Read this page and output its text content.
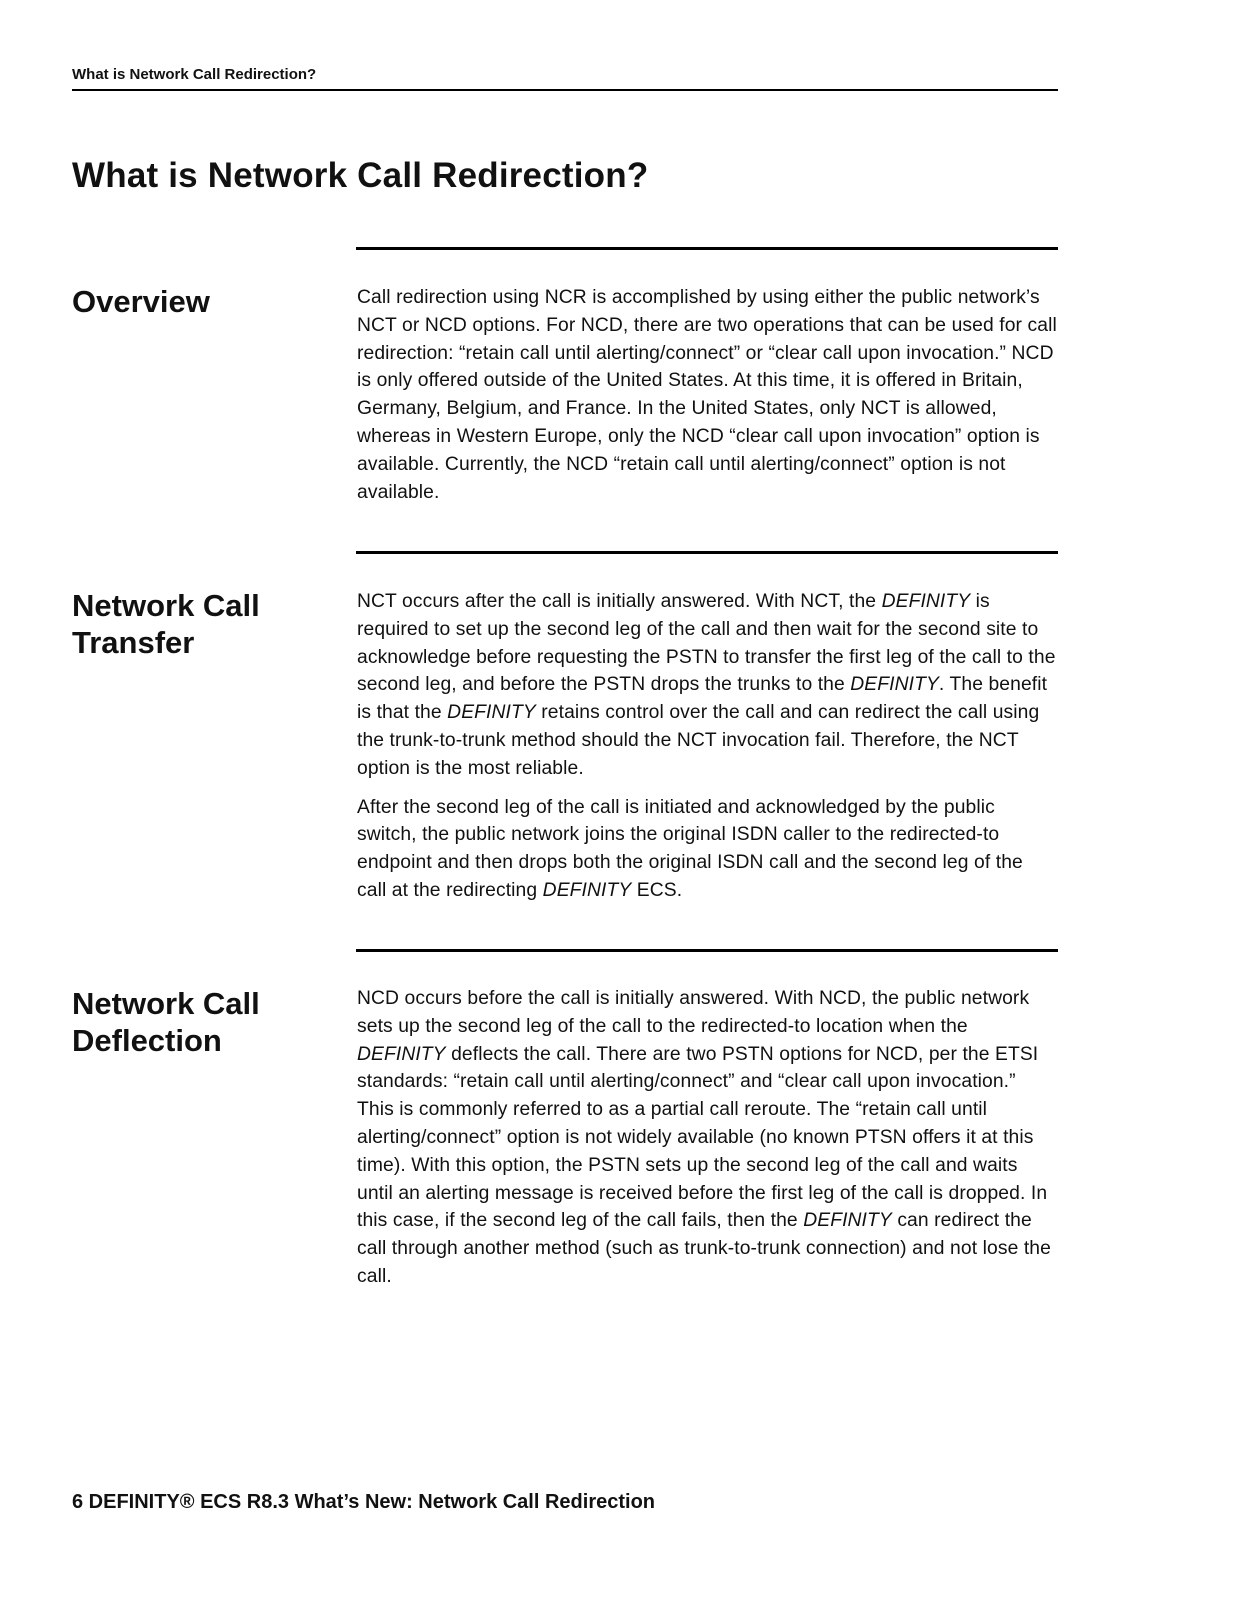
What is Network Call Redirection?
What is Network Call Redirection?
Overview	Call redirection using NCR is accomplished by using either the public network’s NCT or NCD options. For NCD, there are two operations that can be used for call redirection: “retain call until alerting/connect” or “clear call upon invocation.” NCD is only offered outside of the United States. At this time, it is offered in Britain, Germany, Belgium, and France. In the United States, only NCT is allowed, whereas in Western Europe, only the NCD “clear call upon invocation” option is available. Currently, the NCD “retain call until alerting/connect” option is not available.

Network Call Transfer

NCT occurs after the call is initially answered. With NCT, the DEFINITY is required to set up the second leg of the call and then wait for the second site to acknowledge before requesting the PSTN to transfer the first leg of the call to the second leg, and before the PSTN drops the trunks to the DEFINITY. The benefit is that the DEFINITY retains control over the call and can redirect the call using the trunk-to-trunk method should the NCT invocation fail. Therefore, the NCT option is the most reliable.

After the second leg of the call is initiated and acknowledged by the public switch, the public network joins the original ISDN caller to the redirected-to endpoint and then drops both the original ISDN call and the second leg of the call at the redirecting DEFINITY ECS.

Network Call Deflection

NCD occurs before the call is initially answered. With NCD, the public network sets up the second leg of the call to the redirected-to location when the DEFINITY deflects the call. There are two PSTN options for NCD, per the ETSI standards: “retain call until alerting/connect” and “clear call upon invocation.” This is commonly referred to as a partial call reroute. The “retain call until alerting/connect” option is not widely available (no known PTSN offers it at this time). With this option, the PSTN sets up the second leg of the call and waits until an alerting message is received before the first leg of the call is dropped. In this case, if the second leg of the call fails, then the DEFINITY can redirect the call through another method (such as trunk-to-trunk connection) and not lose the call.

6 DEFINITY® ECS R8.3 What’s New: Network Call Redirection
